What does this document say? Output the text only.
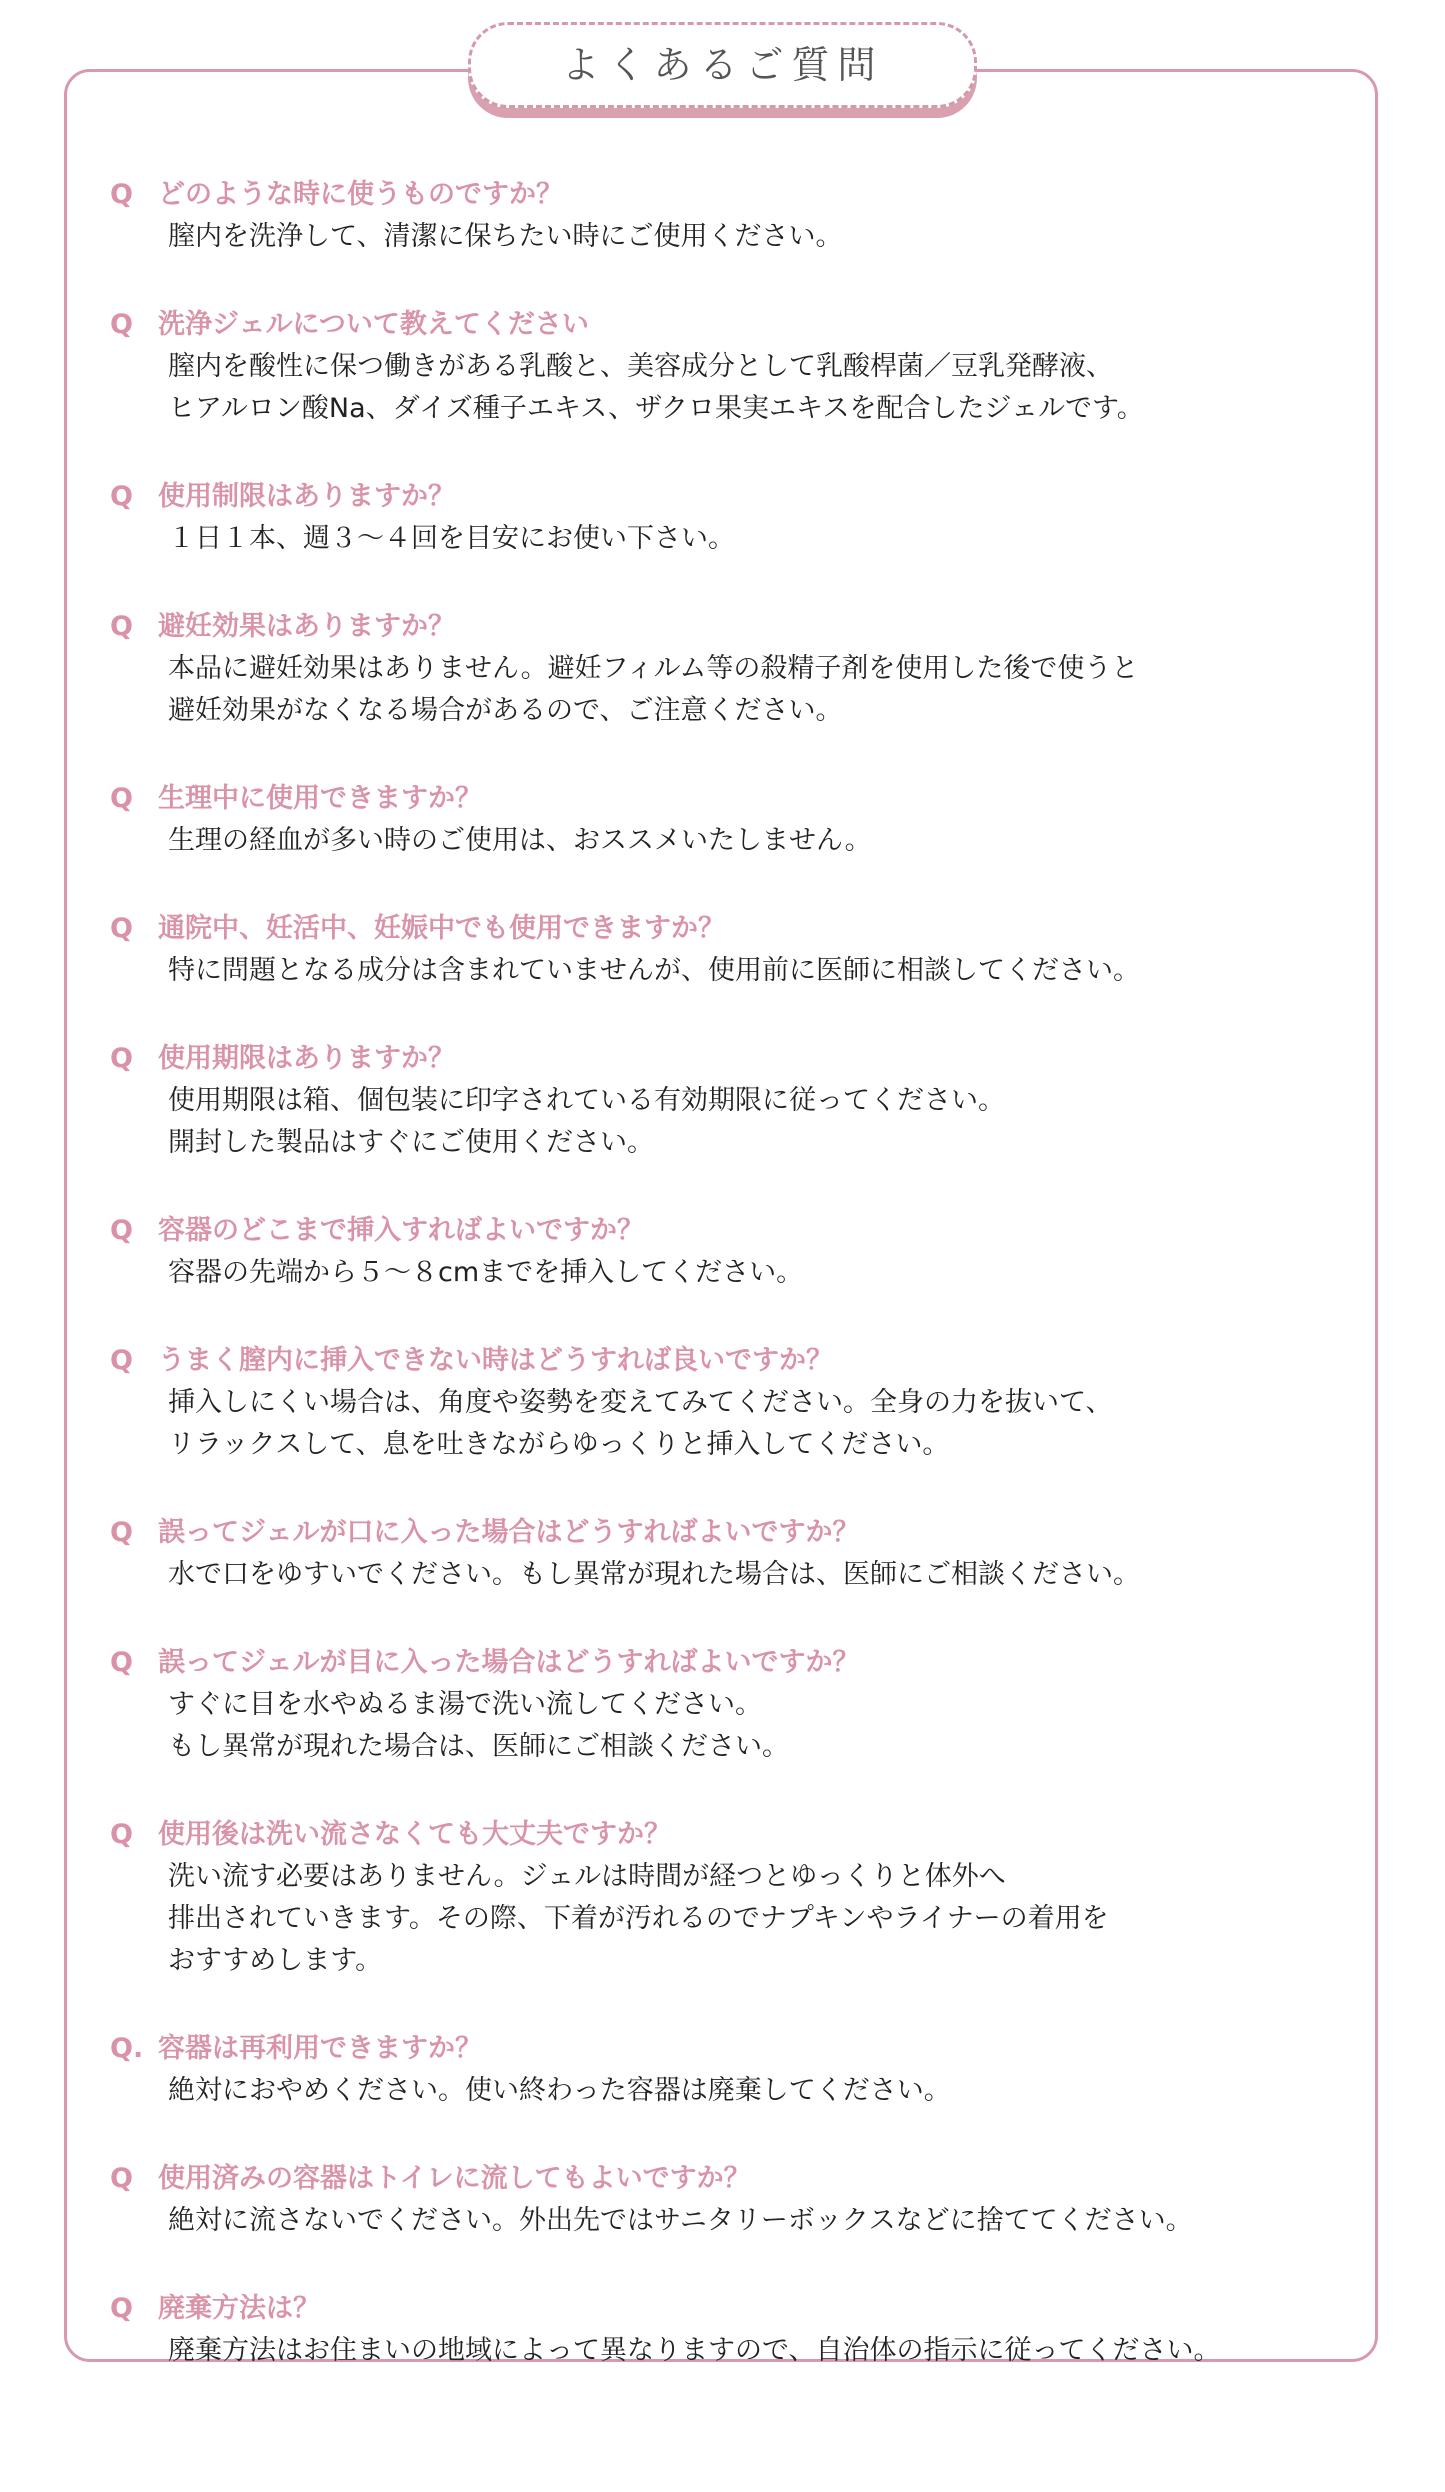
よくあるご質問
Q どのような時に使うものですか？
膣内を洗浄して、清潔に保ちたい時にご使用ください。
Q 洗浄ジェルについて教えてください
膣内を酸性に保つ働きがある乳酸と、美容成分として乳酸桿菌／豆乳発酵液、
ヒアルロン酸Na、ダイズ種子エキス、ザクロ果実エキスを配合したジェルです。
Q 使用制限はありますか？
１日１本、週３～４回を目安にお使い下さい。
Q 避妊効果はありますか？
本品に避妊効果はありません。避妊フィルム等の殺精子剤を使用した後で使うと
避妊効果がなくなる場合があるので、ご注意ください。
Q 生理中に使用できますか？
生理の経血が多い時のご使用は、おススメいたしません。
Q 通院中、妊活中、妊娠中でも使用できますか？
特に問題となる成分は含まれていませんが、使用前に医師に相談してください。
Q 使用期限はありますか？
使用期限は箱、個包装に印字されている有効期限に従ってください。
開封した製品はすぐにご使用ください。
Q 容器のどこまで挿入すればよいですか？
容器の先端から５～８cmまでを挿入してください。
Q うまく膣内に挿入できない時はどうすれば良いですか？
挿入しにくい場合は、角度や姿勢を変えてみてください。全身の力を抜いて、
リラックスして、息を吐きながらゆっくりと挿入してください。
Q 誤ってジェルが口に入った場合はどうすればよいですか？
水で口をゆすいでください。もし異常が現れた場合は、医師にご相談ください。
Q 誤ってジェルが目に入った場合はどうすればよいですか？
すぐに目を水やぬるま湯で洗い流してください。
もし異常が現れた場合は、医師にご相談ください。
Q 使用後は洗い流さなくても大丈夫ですか？
洗い流す必要はありません。ジェルは時間が経つとゆっくりと体外へ
排出されていきます。その際、下着が汚れるのでナプキンやライナーの着用を
おすすめします。
Q. 容器は再利用できますか？
絶対におやめください。使い終わった容器は廃棄してください。
Q 使用済みの容器はトイレに流してもよいですか？
絶対に流さないでください。外出先ではサニタリーボックスなどに捨ててください。
Q 廃棄方法は？
廃棄方法はお住まいの地域によって異なりますので、自治体の指示に従ってください。
